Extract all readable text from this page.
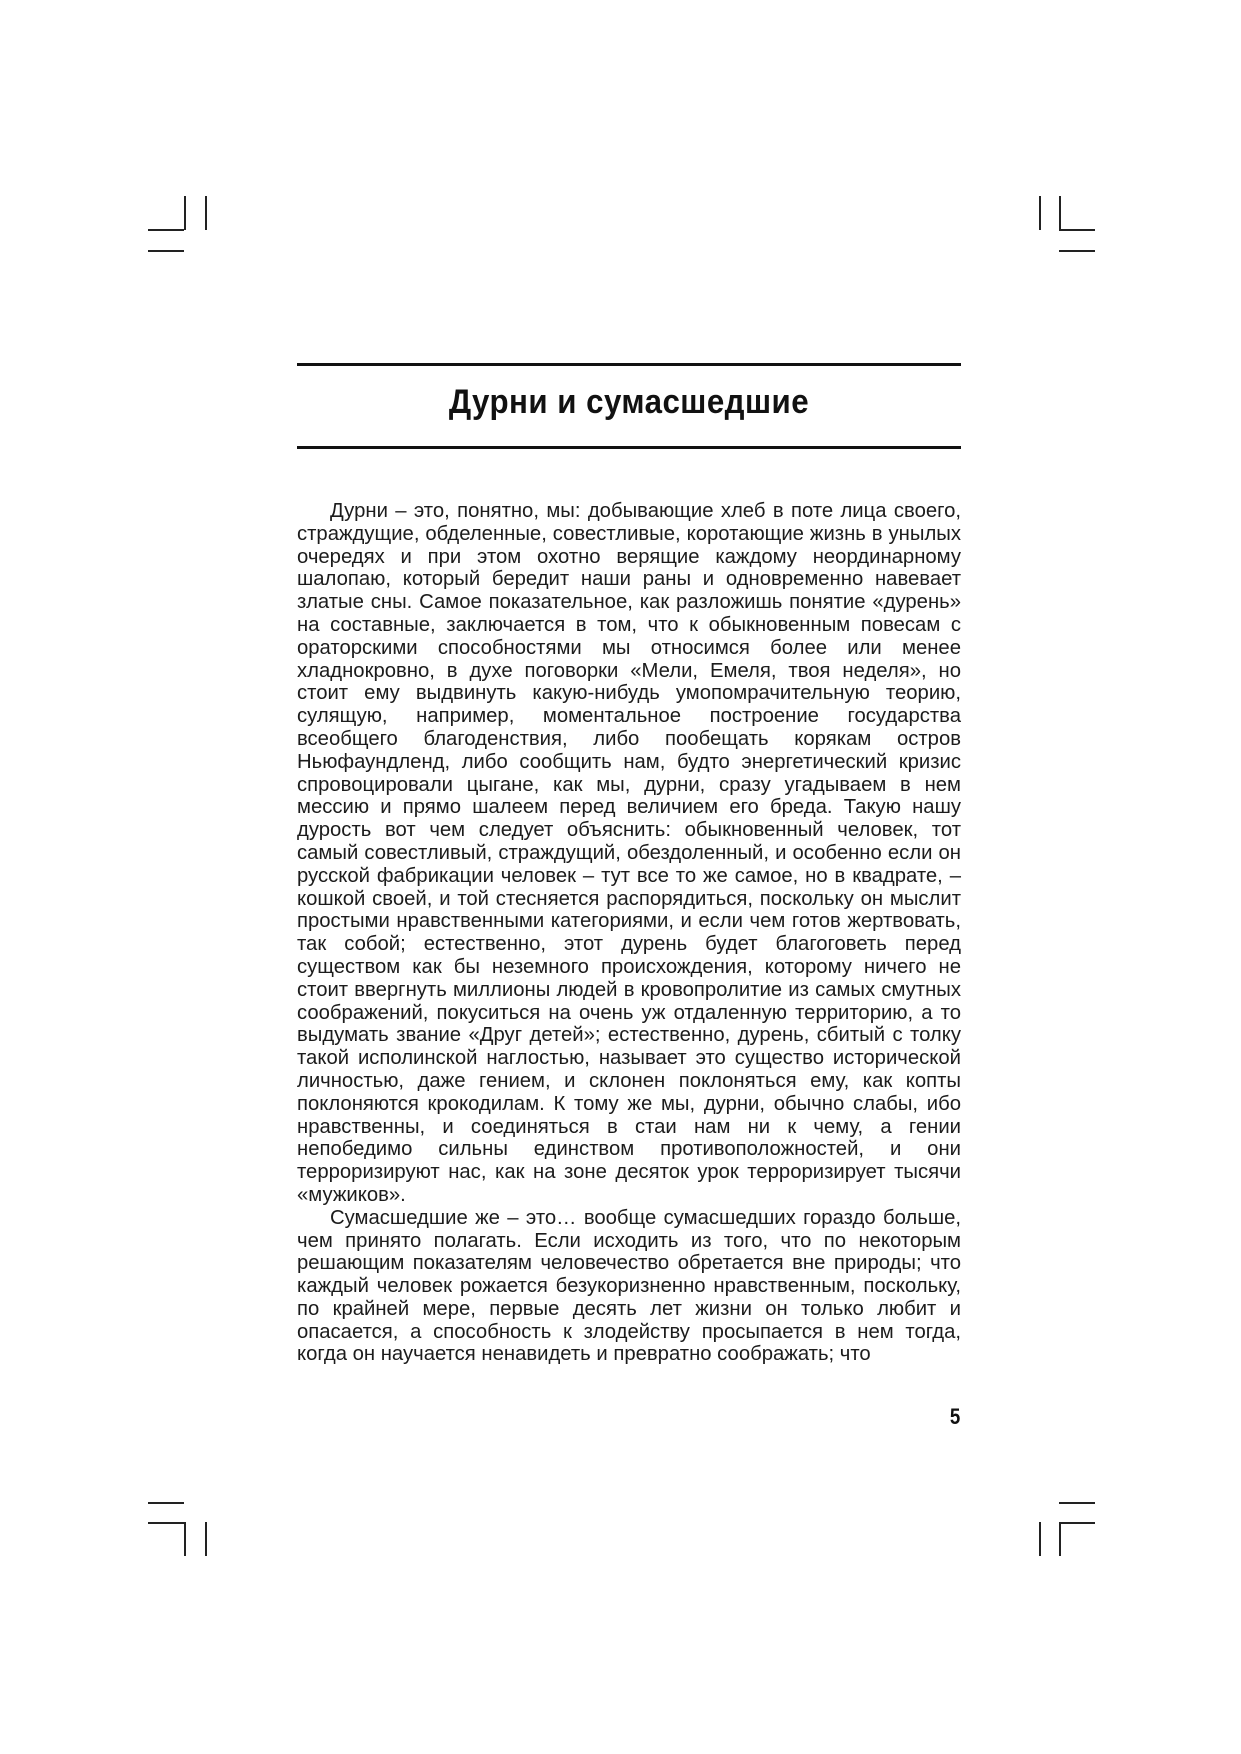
Дурни и сумасшедшие

Дурни – это, понятно, мы: добывающие хлеб в поте лица своего, страждущие, обделенные, совестливые, коротающие жизнь в унылых очередях и при этом охотно верящие каждому неординарному шалопаю, который бередит наши раны и одновременно навевает златые сны. Самое показательное, как разложишь понятие «дурень» на составные, заключается в том, что к обыкновенным повесам с ораторскими способностями мы относимся более или менее хладнокровно, в духе поговорки «Мели, Емеля, твоя неделя», но стоит ему выдвинуть какую-нибудь умопомрачительную теорию, сулящую, например, моментальное построение государства всеобщего благоденствия, либо пообещать корякам остров Ньюфаундленд, либо сообщить нам, будто энергетический кризис спровоцировали цыгане, как мы, дурни, сразу угадываем в нем мессию и прямо шалеем перед величием его бреда. Такую нашу дурость вот чем следует объяснить: обыкновенный человек, тот самый совестливый, страждущий, обездоленный, и особенно если он русской фабрикации человек – тут все то же самое, но в квадрате, – кошкой своей, и той стесняется распорядиться, поскольку он мыслит простыми нравственными категориями, и если чем готов жертвовать, так собой; естественно, этот дурень будет благоговеть перед существом как бы неземного происхождения, которому ничего не стоит ввергнуть миллионы людей в кровопролитие из самых смутных соображений, покуситься на очень уж отдаленную территорию, а то выдумать звание «Друг детей»; естественно, дурень, сбитый с толку такой исполинской наглостью, называет это существо исторической личностью, даже гением, и склонен поклоняться ему, как копты поклоняются крокодилам. К тому же мы, дурни, обычно слабы, ибо нравственны, и соединяться в стаи нам ни к чему, а гении непобедимо сильны единством противоположностей, и они терроризируют нас, как на зоне десяток урок терроризирует тысячи «мужиков».

Сумасшедшие же – это… вообще сумасшедших гораздо больше, чем принято полагать. Если исходить из того, что по некоторым решающим показателям человечество обретается вне природы; что каждый человек рожается безукоризненно нравственным, поскольку, по крайней мере, первые десять лет жизни он только любит и опасается, а способность к злодейству просыпается в нем тогда, когда он научается ненавидеть и превратно соображать; что

5
